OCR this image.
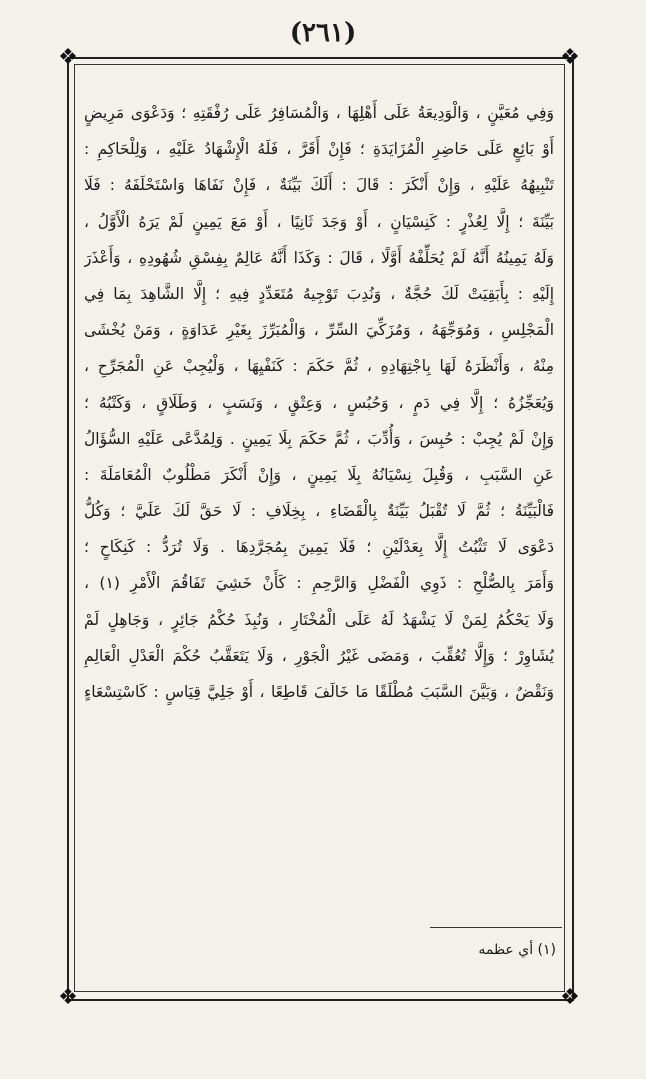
(٢٦١)
❖	❖
❖	❖
وَفِي مُعَيَّنٍ ، وَالْوَدِيعَةُ عَلَى أَهْلِهَا ، وَالْمُسَافِرُ عَلَى رُفْقَتِهِ ؛ وَدَعْوَى مَرِيضٍ
أَوْ بَائِعٍ عَلَى حَاضِرِ الْمُزَايَدَةِ ؛ فَإِنْ أَقَرَّ ، فَلَهُ الْإِشْهَادُ عَلَيْهِ ، وَلِلْحَاكِمِ :
تَنْبِيهُهُ عَلَيْهِ ، وَإِنْ أَنْكَرَ : قَالَ : أَلَكَ بَيِّنَةٌ ، فَإِنْ نَفَاهَا وَاسْتَحْلَفَهُ : فَلَا
بَيِّنَةَ ؛ إِلَّا لِعُذْرٍ : كَنِسْيَانٍ ، أَوْ وَجَدَ ثَانِيًا ، أَوْ مَعَ يَمِينٍ لَمْ يَرَهُ الْأَوَّلُ ،
وَلَهُ يَمِينُهُ أَنَّهُ لَمْ يُحَلِّفْهُ أَوَّلًا ، قَالَ : وَكَذَا أَنَّهُ عَالِمٌ بِفِسْقِ شُهُودِهِ ، وَأَعْذَرَ
إِلَيْهِ : بِأَبَقِيَتْ لَكَ حُجَّةٌ ، وَنُدِبَ تَوْجِيهُ مُتَعَدِّدٍ فِيهِ ؛ إِلَّا الشَّاهِدَ بِمَا فِي
الْمَجْلِسِ ، وَمُوَجِّهَهُ ، وَمُزَكِّيَ السِّرِّ ، وَالْمُبَرِّزَ بِغَيْرِ عَدَاوَةٍ ، وَمَنْ يُخْشَى
مِنْهُ ، وَأَنْظَرَهُ لَهَا بِاجْتِهَادِهِ ، ثُمَّ حَكَمَ : كَنَفْيِهَا ، وَلْيُجِبْ عَنِ الْمُجَرِّحِ ،
وَيُعَجِّزُهُ ؛ إِلَّا فِي دَمٍ ، وَحُبُسٍ ، وَعِتْقٍ ، وَنَسَبٍ ، وَطَلَاقٍ ، وَكَتْبُهُ ؛
وَإِنْ لَمْ يُجِبْ : حُبِسَ ، وَأُدِّبَ ، ثُمَّ حَكَمَ بِلَا يَمِينٍ . وَلِمُدَّعًى عَلَيْهِ السُّؤَالُ
عَنِ السَّبَبِ ، وَقُبِلَ نِسْيَانُهُ بِلَا يَمِينٍ ، وَإِنْ أَنْكَرَ مَطْلُوبٌ الْمُعَامَلَةَ :
فَالْبَيِّنَةُ ؛ ثُمَّ لَا تُقْبَلُ بَيِّنَةٌ بِالْقَضَاءِ ، بِخِلَافِ : لَا حَقَّ لَكَ عَلَيَّ ؛ وَكُلُّ
دَعْوَى لَا تَثْبُتُ إِلَّا بِعَدْلَيْنِ ؛ فَلَا يَمِينَ بِمُجَرَّدِهَا . وَلَا تُرَدُّ : كَنِكَاحٍ ؛
وَأَمَرَ بِالصُّلْحِ : ذَوِي الْفَضْلِ وَالرَّحِمِ : كَأَنْ خَشِيَ تَفَاقُمَ الْأَمْرِ (١) ،
وَلَا يَحْكُمُ لِمَنْ لَا يَشْهَدُ لَهُ عَلَى الْمُخْتَارِ ، وَنُبِذَ حُكْمُ جَائِرٍ ، وَجَاهِلٍ لَمْ
يُشَاوِرْ ؛ وَإِلَّا تُعُقِّبَ ، وَمَضَى غَيْرُ الْجَوْرِ ، وَلَا يَتَعَقَّبُ حُكْمَ الْعَدْلِ الْعَالِمِ
وَنَقْضٌ ، وَبَيَّنَ السَّبَبَ مُطْلَقًا مَا خَالَفَ قَاطِعًا ، أَوْ جَلِيَّ قِيَاسٍ : كَاسْتِسْعَاءٍ
(١) أي عظمه
